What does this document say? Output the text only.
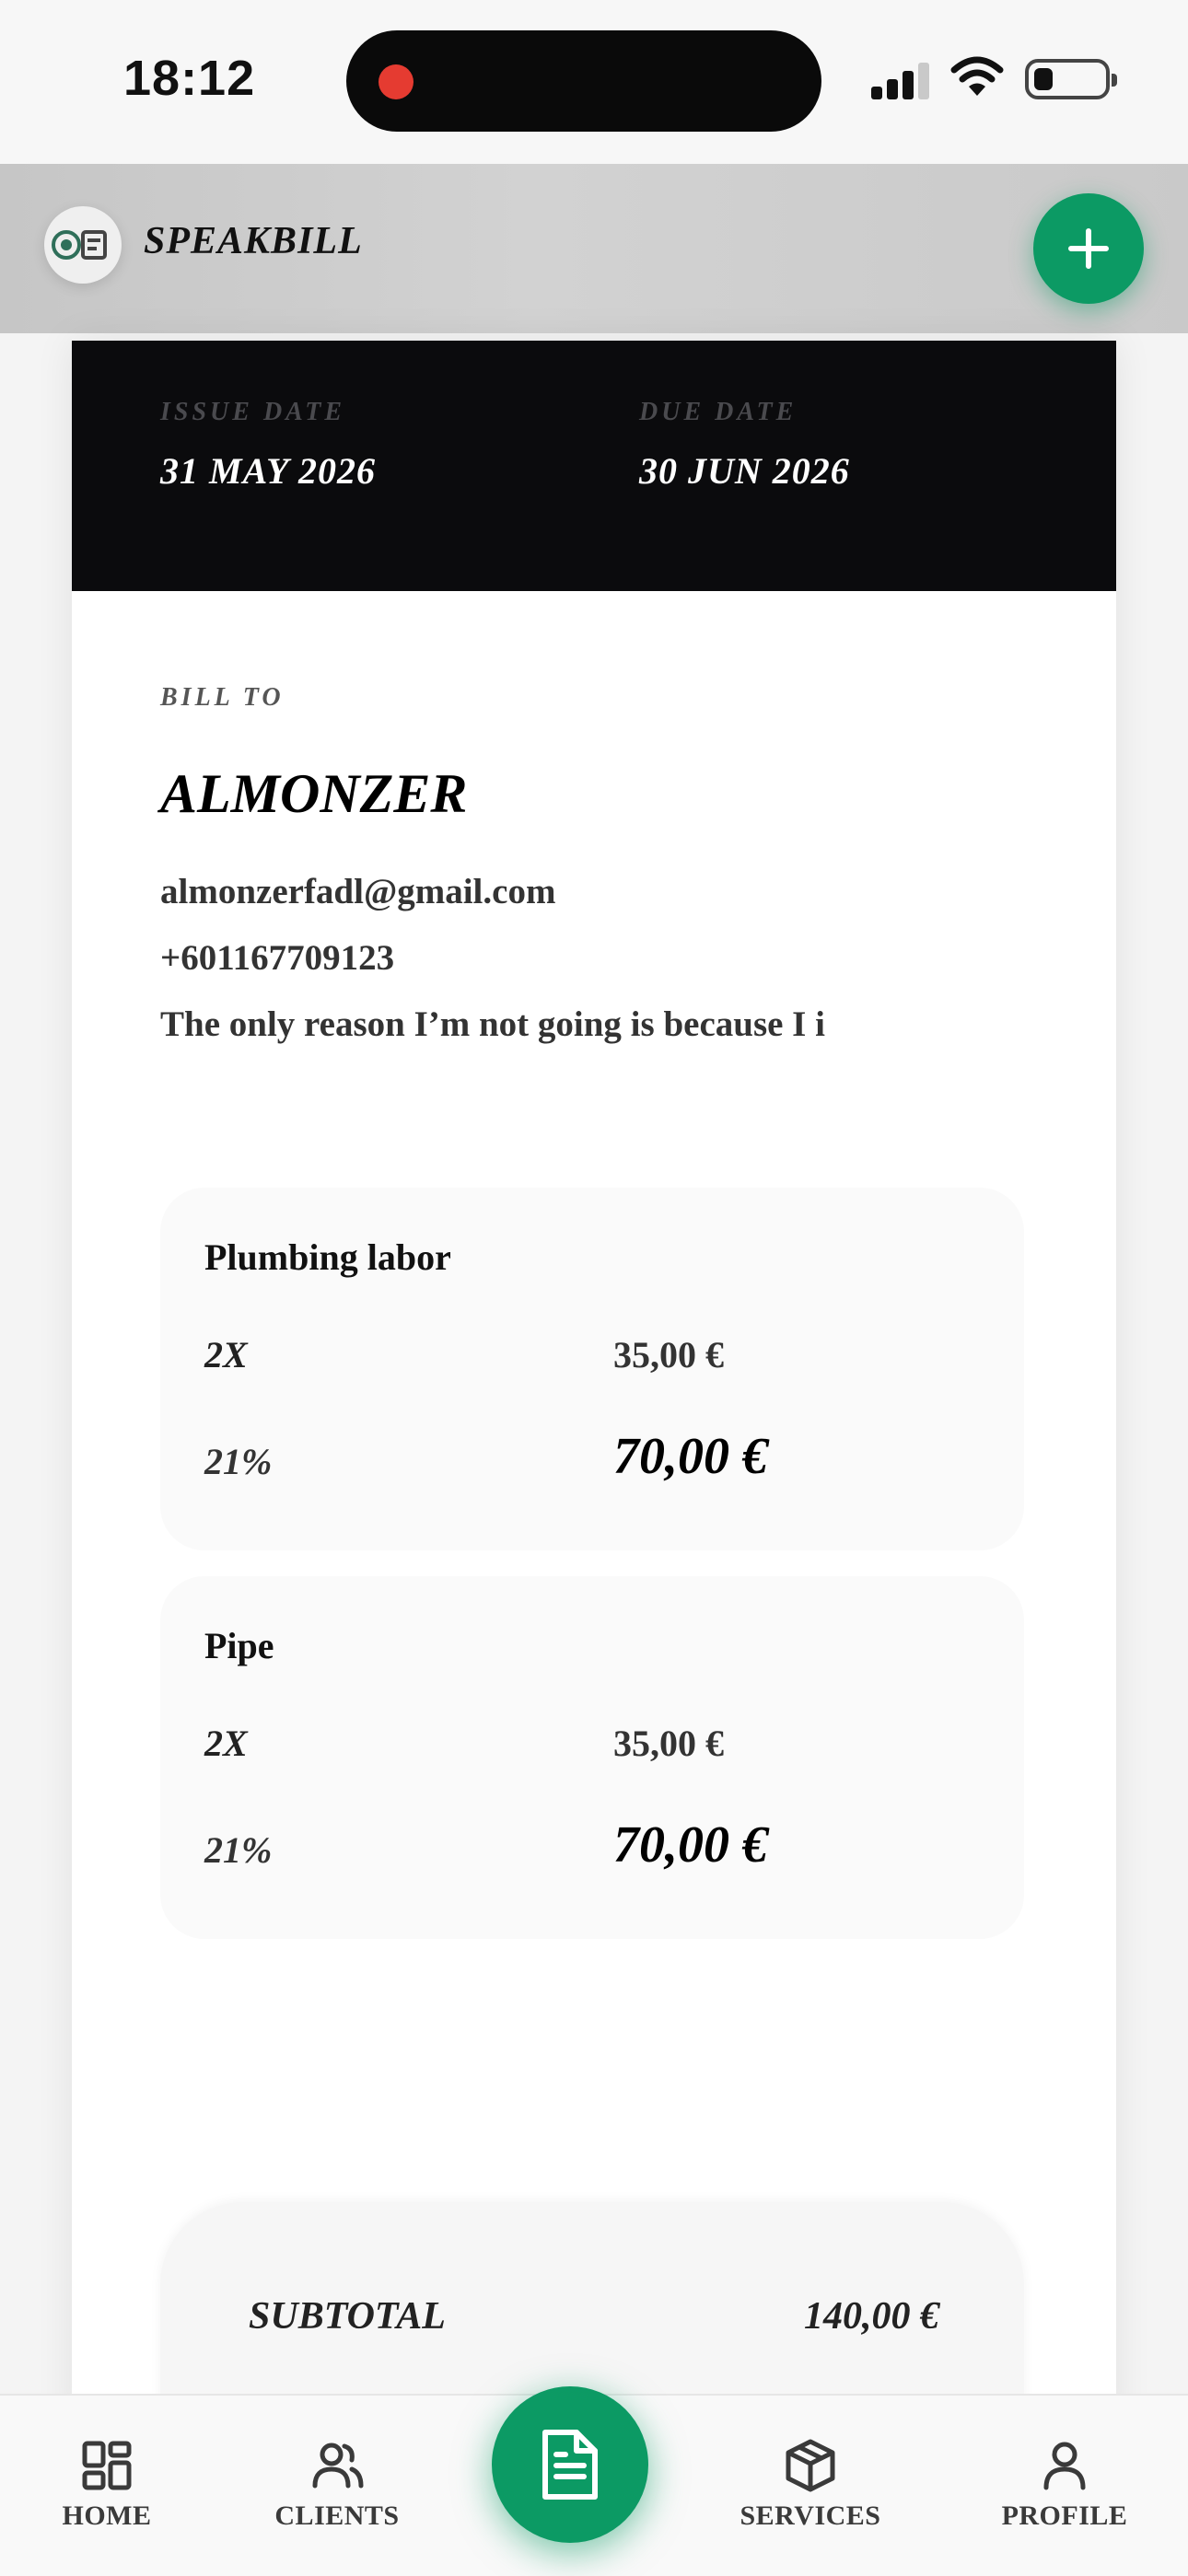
18:12
SPEAKBILL
ISSUE DATE
31 MAY 2026
DUE DATE
30 JUN 2026
BILL TO
ALMONZER
almonzerfadl@gmail.com
+601167709123
The only reason I’m not going is because I i
Plumbing labor
2X	35,00 €
21%	70,00 €
Pipe
2X	35,00 €
21%	70,00 €
SUBTOTAL	140,00 €
HOME	CLIENTS	SERVICES	PROFILE
